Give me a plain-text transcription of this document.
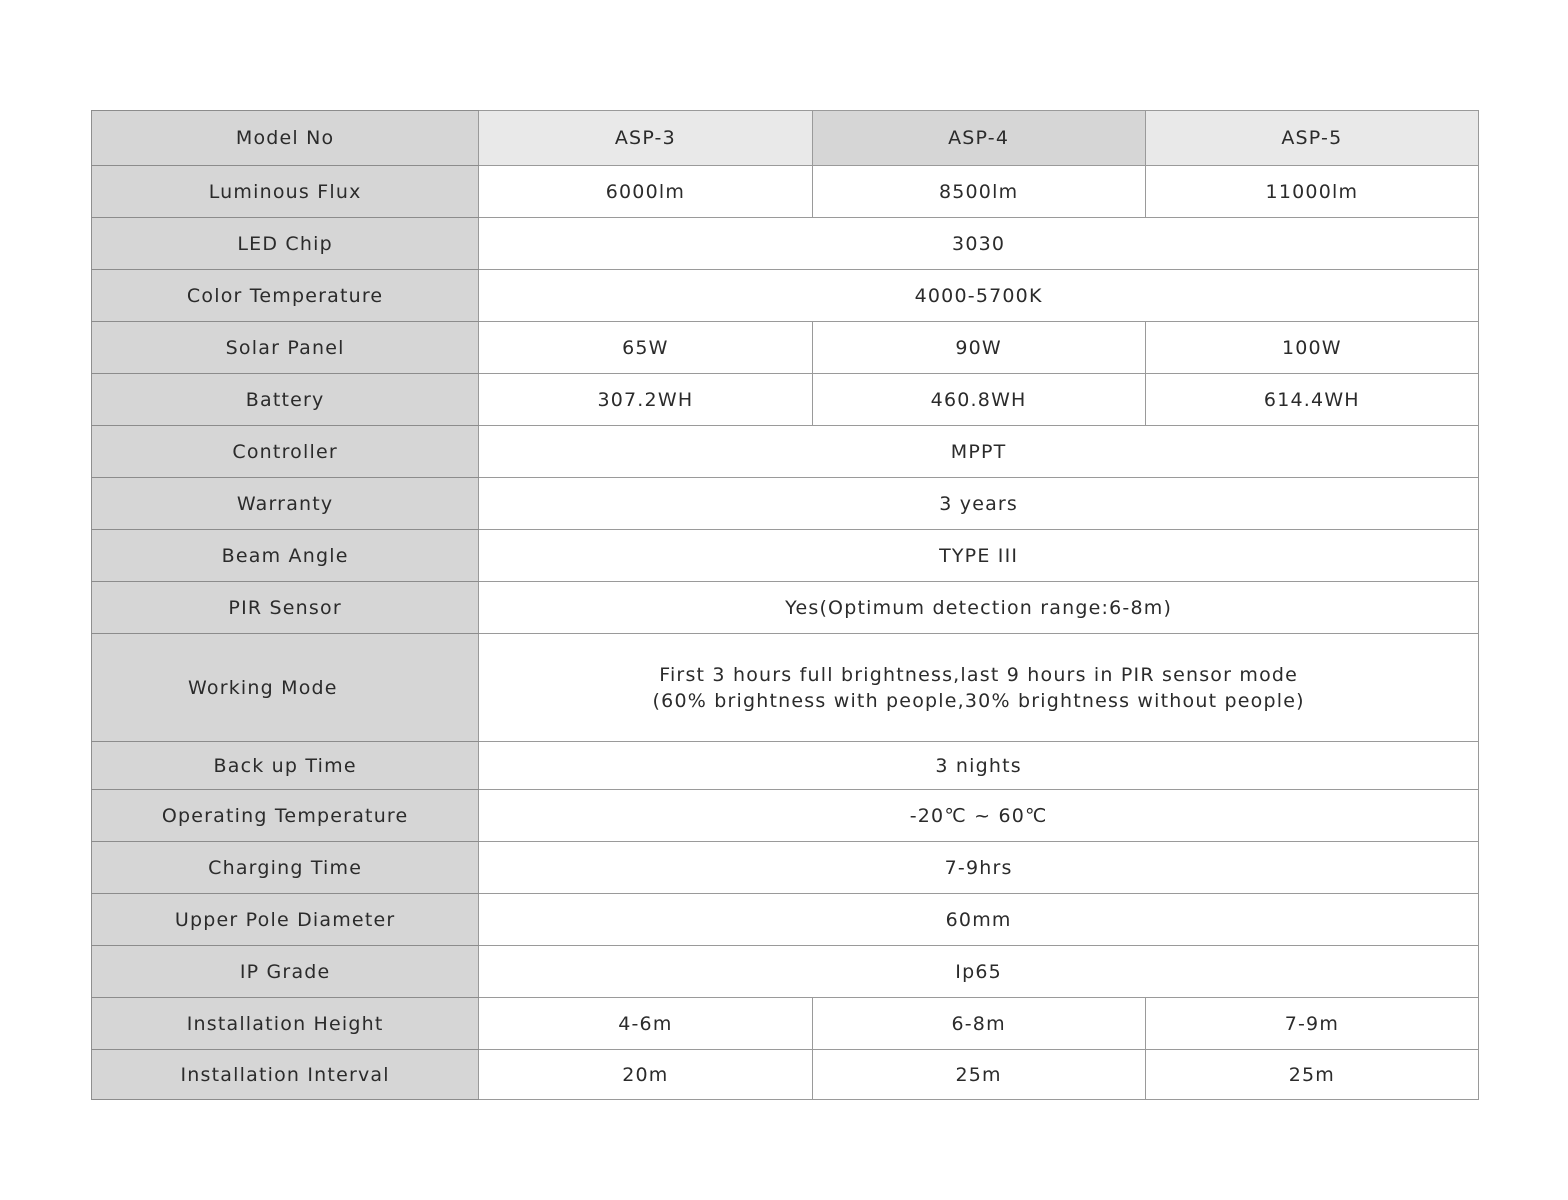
Model No	ASP-3	ASP-4	ASP-5
Luminous Flux	6000lm	8500lm	11000lm
LED Chip	3030		
Color Temperature	4000-5700K		
Solar Panel	65W	90W	100W
Battery	307.2WH	460.8WH	614.4WH
Controller	MPPT		
Warranty	3 years		
Beam Angle	TYPE III		
PIR Sensor	Yes(Optimum detection range:6-8m)		
Working Mode	First 3 hours full brightness,last 9 hours in PIR sensor mode
(60% brightness with people,30% brightness without people)		

Back up Time	3 nights		
Operating Temperature	-20℃ ~ 60℃		
Charging Time	7-9hrs		
Upper Pole Diameter	60mm		
IP Grade	Ip65		
Installation Height	4-6m	6-8m	7-9m
Installation Interval	20m	25m	25m
